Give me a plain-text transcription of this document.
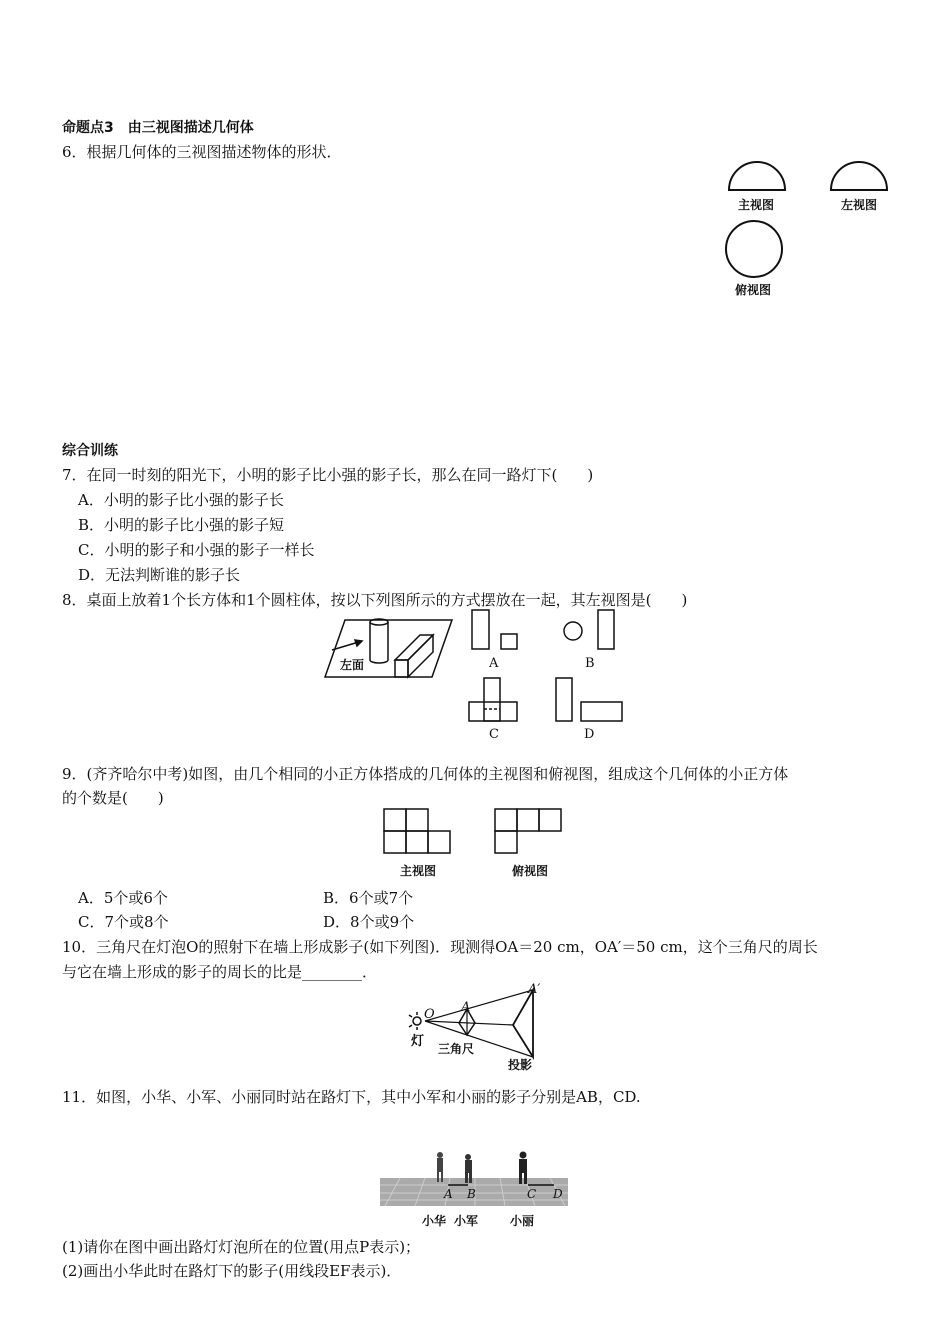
命题点3　由三视图描述几何体
6．根据几何体的三视图描述物体的形状．
主视图	左视图
俯视图
综合训练
7．在同一时刻的阳光下，小明的影子比小强的影子长，那么在同一路灯下(　　)
A．小明的影子比小强的影子长
B．小明的影子比小强的影子短
C．小明的影子和小强的影子一样长
D．无法判断谁的影子长
8．桌面上放着1个长方体和1个圆柱体，按以下列图所示的方式摆放在一起，其左视图是(　　)
左面	A	B
C	D
9．(齐齐哈尔中考)如图，由几个相同的小正方体搭成的几何体的主视图和俯视图，组成这个几何体的小正方体
的个数是(　　)
主视图	俯视图
A．5个或6个	B．6个或7个
C．7个或8个	D．8个或9个
10．三角尺在灯泡O的照射下在墙上形成影子(如下列图)．现测得OA＝20 cm，OA′＝50 cm，这个三角尺的周长
与它在墙上形成的影子的周长的比是________．
灯 三角尺
投影
O A
A′
11．如图，小华、小军、小丽同时站在路灯下，其中小军和小丽的影子分别是AB，CD.
A B	C D
小华 小军	小丽
(1)请你在图中画出路灯灯泡所在的位置(用点P表示)；
(2)画出小华此时在路灯下的影子(用线段EF表示)．
